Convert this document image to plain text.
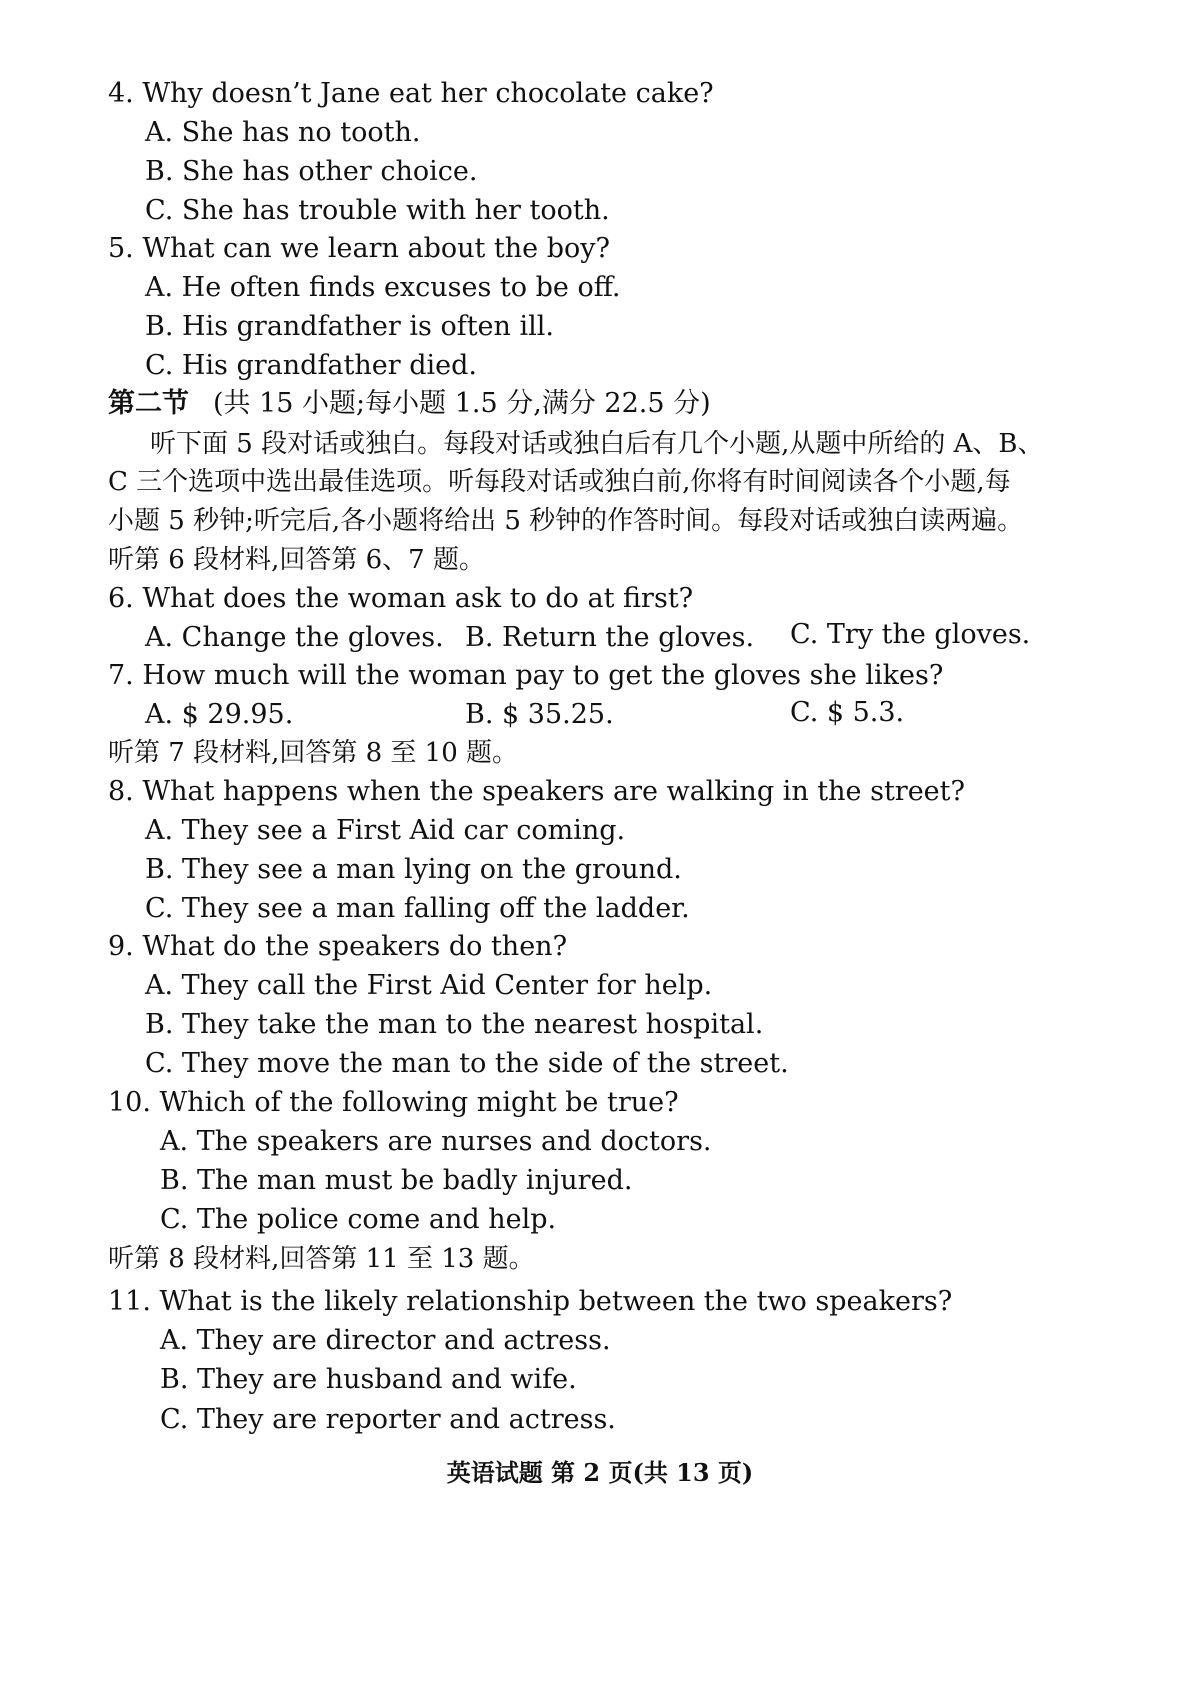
4. Why doesn’t Jane eat her chocolate cake?
A. She has no tooth.
B. She has other choice.
C. She has trouble with her tooth.
5. What can we learn about the boy?
A. He often finds excuses to be off.
B. His grandfather is often ill.
C. His grandfather died.
第二节 (共 15 小题;每小题 1.5 分,满分 22.5 分)
听下面 5 段对话或独白。每段对话或独白后有几个小题,从题中所给的 A、B、
C 三个选项中选出最佳选项。听每段对话或独白前,你将有时间阅读各个小题,每
小题 5 秒钟;听完后,各小题将给出 5 秒钟的作答时间。每段对话或独白读两遍。
听第 6 段材料,回答第 6、7 题。
6. What does the woman ask to do at first?
A. Change the gloves. B. Return the gloves. C. Try the gloves.
7. How much will the woman pay to get the gloves she likes?
A. $ 29.95.	B. $ 35.25.	C. $ 5.3.
听第 7 段材料,回答第 8 至 10 题。
8. What happens when the speakers are walking in the street?
A. They see a First Aid car coming.
B. They see a man lying on the ground.
C. They see a man falling off the ladder.
9. What do the speakers do then?
A. They call the First Aid Center for help.
B. They take the man to the nearest hospital.
C. They move the man to the side of the street.
10. Which of the following might be true?
A. The speakers are nurses and doctors.
B. The man must be badly injured.
C. The police come and help.
听第 8 段材料,回答第 11 至 13 题。
11. What is the likely relationship between the two speakers?
A. They are director and actress.
B. They are husband and wife.
C. They are reporter and actress.
英语试题 第 2 页(共 13 页)
